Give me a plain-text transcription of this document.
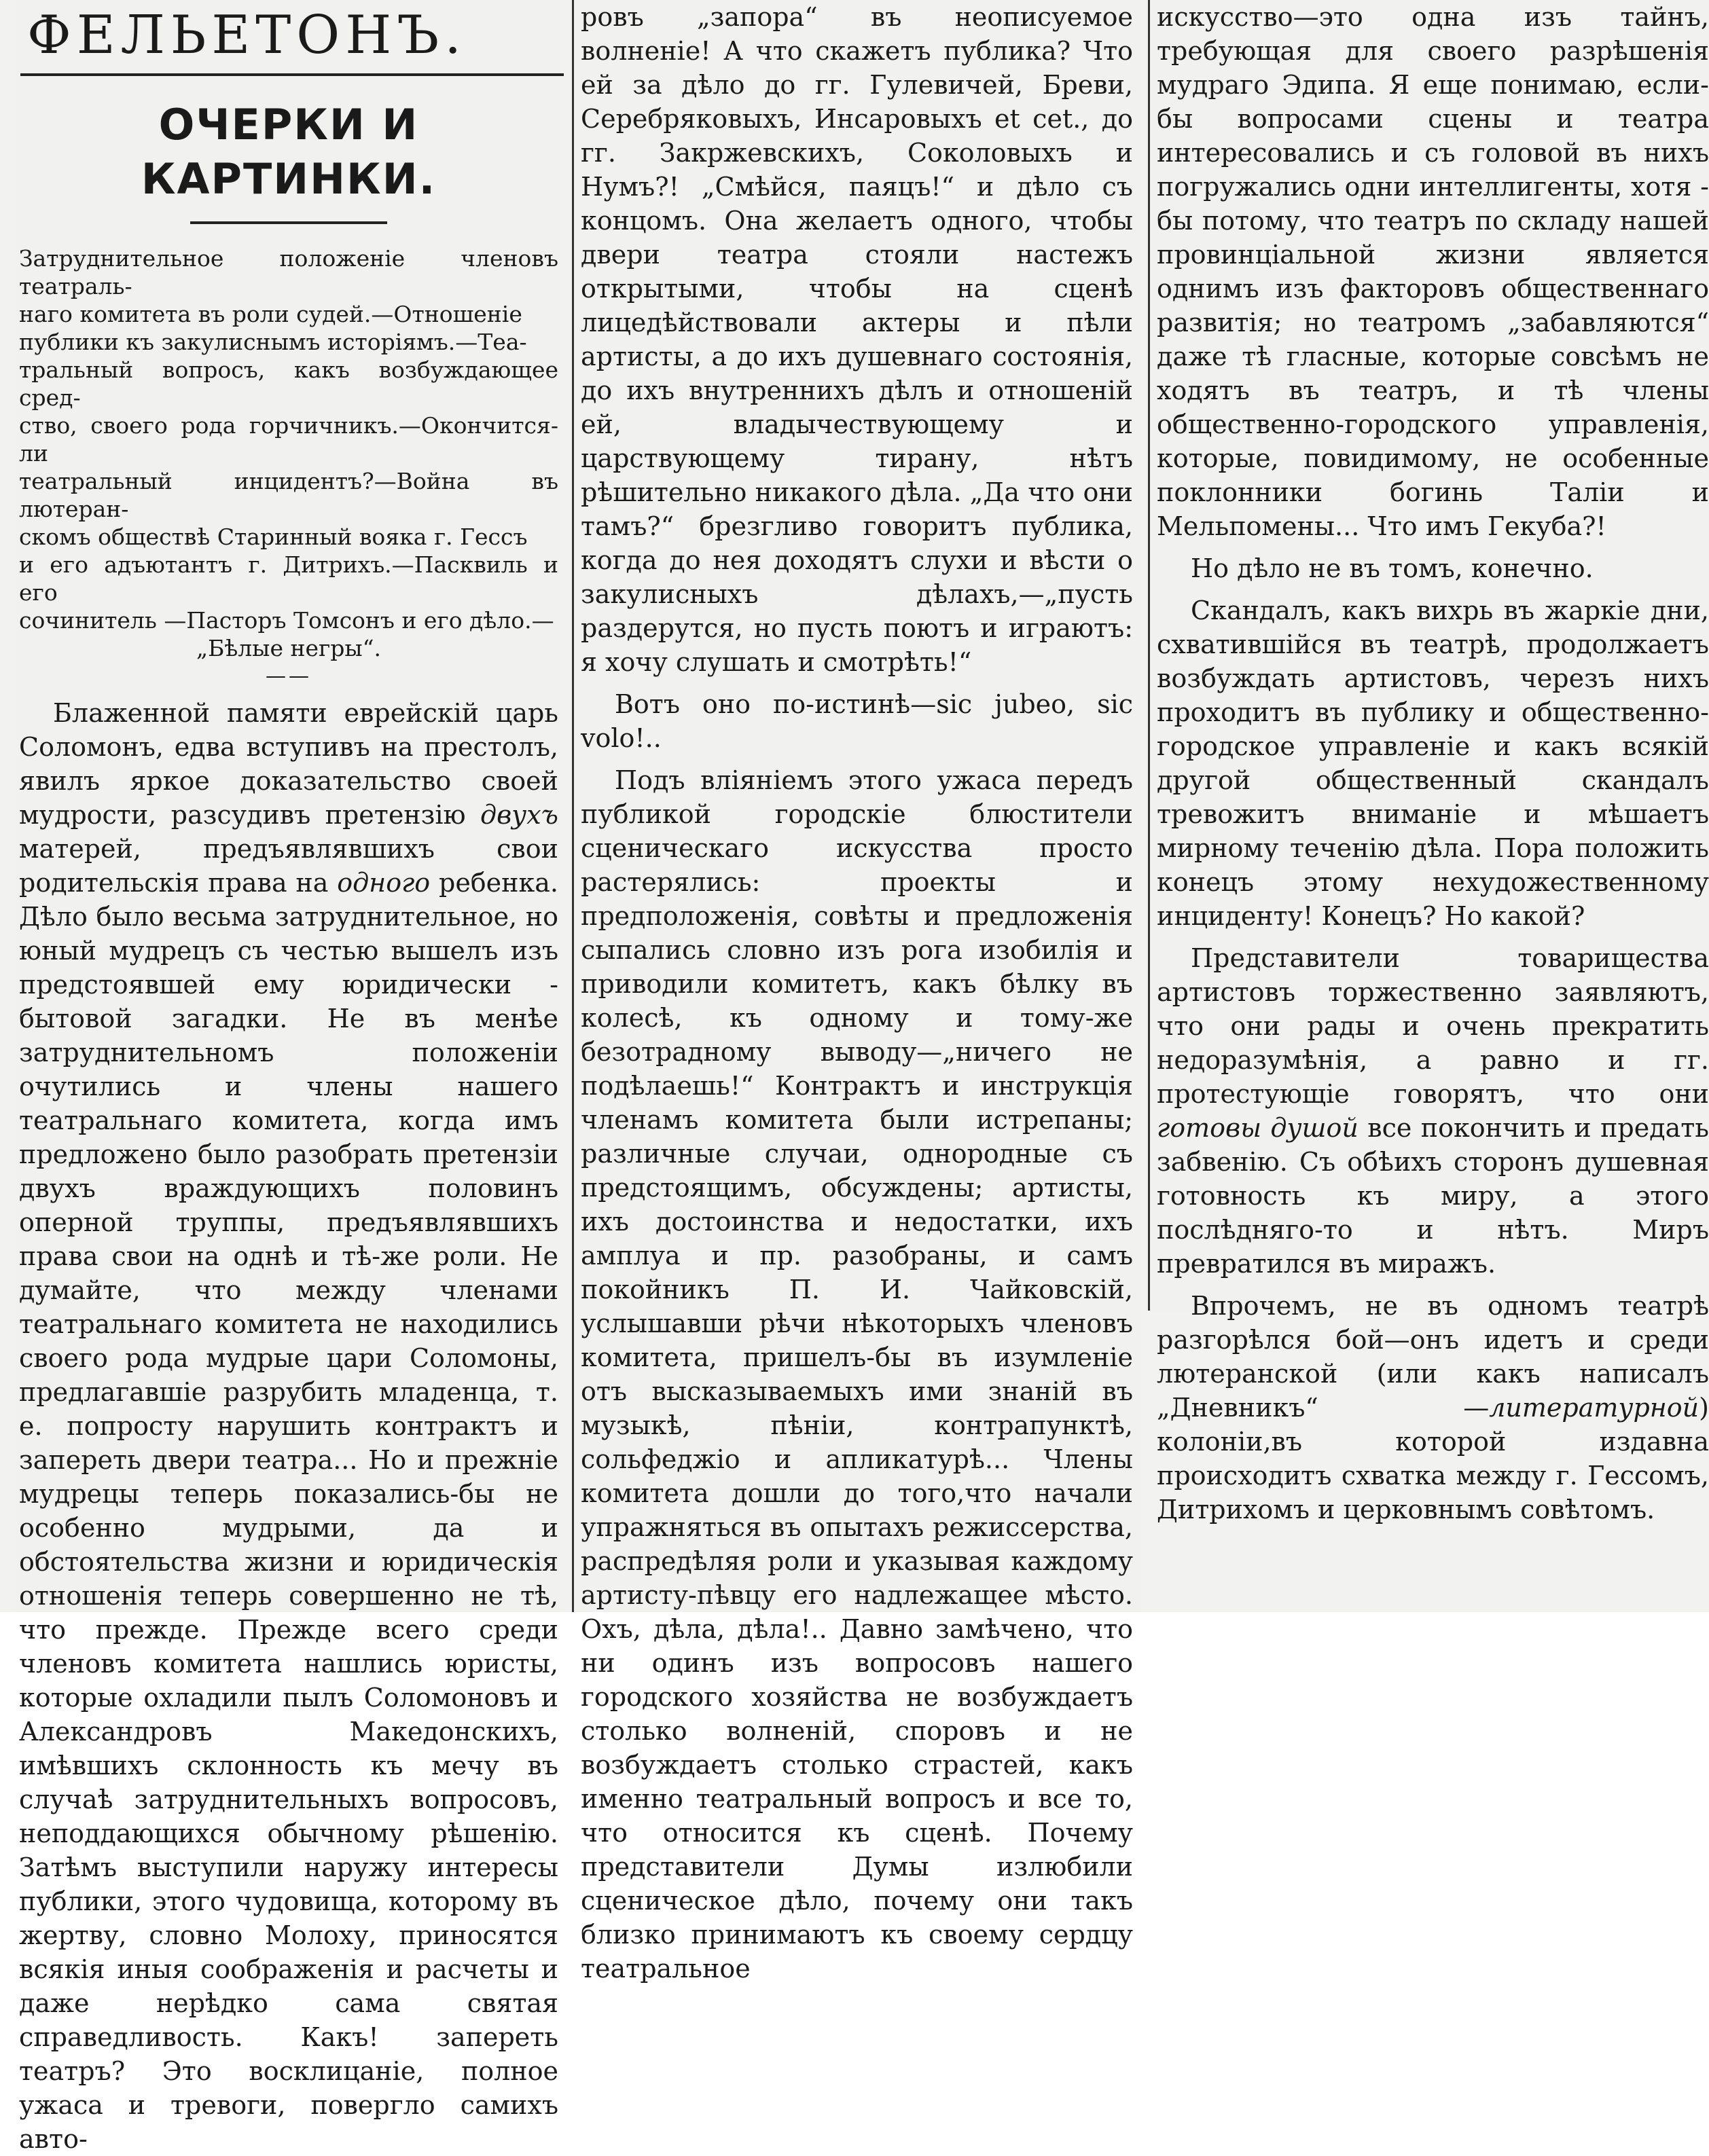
ФЕЛЬЕТОНЪ.
ОЧЕРКИ И КАРТИНКИ.
Затруднительное положеніе членовъ театраль-
наго комитета въ роли судей.—Отношеніе
публики къ закулиснымъ исторіямъ.—Теа-
тральный вопросъ, какъ возбуждающее сред-
ство, своего рода горчичникъ.—Окончится-ли
театральный инцидентъ?—Война въ лютеран-
скомъ обществѣ Старинный вояка г. Гессъ
и его адъютантъ г. Дитрихъ.—Пасквиль и его
сочинитель —Пасторъ Томсонъ и его дѣло.—
„Бѣлые негры“.
——

Блаженной памяти еврейскій царь Соломонъ, едва вступивъ на престолъ, явилъ яркое доказательство своей мудрости, разсудивъ претензію двухъ матерей, предъявлявшихъ свои родительскія права на одного ребенка. Дѣло было весьма затруднительное, но юный мудрецъ съ честью вышелъ изъ предстоявшей ему юридически - бытовой загадки. Не въ менѣе затруднительномъ положеніи очутились и члены нашего театральнаго комитета, когда имъ предложено было разобрать претензіи двухъ враждующихъ половинъ оперной труппы, предъявлявшихъ права свои на однѣ и тѣ-же роли. Не думайте, что между членами театральнаго комитета не находились своего рода мудрые цари Соломоны, предлагавшіе разрубить младенца, т. е. попросту нарушить контрактъ и запереть двери театра... Но и прежніе мудрецы теперь показались-бы не особенно мудрыми, да и обстоятельства жизни и юридическія отношенія теперь совершенно не тѣ, что прежде. Прежде всего среди членовъ комитета нашлись юристы, которые охладили пылъ Соломоновъ и Александровъ Македонскихъ, имѣвшихъ склонность къ мечу въ случаѣ затруднительныхъ вопросовъ, неподдающихся обычному рѣшенію. Затѣмъ выступили наружу интересы публики, этого чудовища, которому въ жертву, словно Молоху, приносятся всякія иныя соображенія и расчеты и даже нерѣдко сама святая справедливость. Какъ! запереть театръ? Это восклицаніе, полное ужаса и тревоги, повергло самихъ авто-

ровъ „запора“ въ неописуемое волненіе! А что скажетъ публика? Что ей за дѣло до гг. Гулевичей, Бреви, Серебряковыхъ, Инсаровыхъ et cet., до гг. Закржевскихъ, Соколовыхъ и Нумъ?! „Смѣйся, паяцъ!“ и дѣло съ концомъ. Она желаетъ одного, чтобы двери театра стояли настежъ открытыми, чтобы на сценѣ лицедѣйствовали актеры и пѣли артисты, а до ихъ душевнаго состоянія, до ихъ внутреннихъ дѣлъ и отношеній ей, владычествующему и царствующему тирану, нѣтъ рѣшительно никакого дѣла. „Да что они тамъ?“ брезгливо говоритъ публика, когда до нея доходятъ слухи и вѣсти о закулисныхъ дѣлахъ,—„пусть раздерутся, но пусть поютъ и играютъ: я хочу слушать и смотрѣть!“

Вотъ оно по-истинѣ—sic jubeo, sic volo!..

Подъ вліяніемъ этого ужаса передъ публикой городскіе блюстители сценическаго искусства просто растерялись: проекты и предположенія, совѣты и предложенія сыпались словно изъ рога изобилія и приводили комитетъ, какъ бѣлку въ колесѣ, къ одному и тому-же безотрадному выводу—„ничего не подѣлаешь!“ Контрактъ и инструкція членамъ комитета были истрепаны; различные случаи, однородные съ предстоящимъ, обсуждены; артисты, ихъ достоинства и недостатки, ихъ амплуа и пр. разобраны, и самъ покойникъ П. И. Чайковскій, услышавши рѣчи нѣкоторыхъ членовъ комитета, пришелъ-бы въ изумленіе отъ высказываемыхъ ими знаній въ музыкѣ, пѣніи, контрапунктѣ, сольфеджіо и апликатурѣ... Члены комитета дошли до того,что начали упражняться въ опытахъ режиссерства, распредѣляя роли и указывая каждому артисту-пѣвцу его надлежащее мѣсто. Охъ, дѣла, дѣла!.. Давно замѣчено, что ни одинъ изъ вопросовъ нашего городского хозяйства не возбуждаетъ столько волненій, споровъ и не возбуждаетъ столько страстей, какъ именно театральный вопросъ и все то, что относится къ сценѣ. Почему представители Думы излюбили сценическое дѣло, почему они такъ близко принимаютъ къ своему сердцу театральное

искусство—это одна изъ тайнъ, требующая для своего разрѣшенія мудраго Эдипа. Я еще понимаю, если-бы вопросами сцены и театра интересовались и съ головой въ нихъ погружались одни интеллигенты, хотя - бы потому, что театръ по складу нашей провинціальной жизни является однимъ изъ факторовъ общественнаго развитія; но театромъ „забавляются“ даже тѣ гласные, которые совсѣмъ не ходятъ въ театръ, и тѣ члены общественно-городского управленія, которые, повидимому, не особенные поклонники богинь Таліи и Мельпомены... Что имъ Гекуба?!

Но дѣло не въ томъ, конечно.

Скандалъ, какъ вихрь въ жаркіе дни, схватившійся въ театрѣ, продолжаетъ возбуждать артистовъ, черезъ нихъ проходитъ въ публику и общественно-городское управленіе и какъ всякій другой общественный скандалъ тревожитъ вниманіе и мѣшаетъ мирному теченію дѣла. Пора положить конецъ этому нехудожественному инциденту! Конецъ? Но какой?

Представители товарищества артистовъ торжественно заявляютъ, что они рады и очень прекратить недоразумѣнія, а равно и гг. протестующіе говорятъ, что они готовы душой все покончить и предать забвенію. Съ обѣихъ сторонъ душевная готовность къ миру, а этого послѣдняго-то и нѣтъ. Миръ превратился въ миражъ.

Впрочемъ, не въ одномъ театрѣ разгорѣлся бой—онъ идетъ и среди лютеранской (или какъ написалъ „Дневникъ“ —литературной) колоніи,въ которой издавна происходитъ схватка между г. Гессомъ, Дитрихомъ и церковнымъ совѣтомъ.
